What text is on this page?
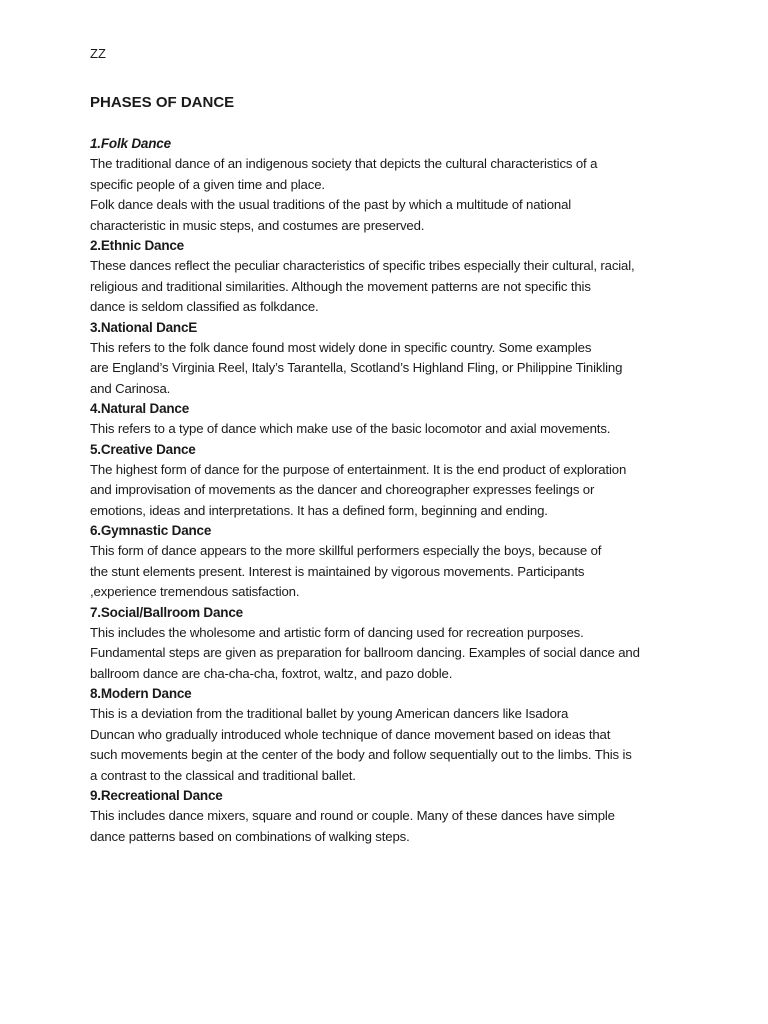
ZZ

PHASES OF DANCE
1.Folk Dance

The traditional dance of an indigenous society that depicts the cultural characteristics of a

specific people of a given time and place.

Folk dance deals with the usual traditions of the past by which a multitude of national

characteristic in music steps, and costumes are preserved.

2.Ethnic Dance

These dances reflect the peculiar characteristics of specific tribes especially their cultural, racial,

religious and traditional similarities. Although the movement patterns are not specific this

dance is seldom classified as folkdance.

3.National DancE

This refers to the folk dance found most widely done in specific country. Some examples

are England’s Virginia Reel, Italy’s Tarantella, Scotland’s Highland Fling, or Philippine Tinikling

and Carinosa.

4.Natural Dance

This refers to a type of dance which make use of the basic locomotor and axial movements.

5.Creative Dance

The highest form of dance for the purpose of entertainment. It is the end product of exploration

and improvisation of movements as the dancer and choreographer expresses feelings or

emotions, ideas and interpretations. It has a defined form, beginning and ending.

6.Gymnastic Dance

This form of dance appears to the more skillful performers especially the boys, because of

the stunt elements present. Interest is maintained by vigorous movements. Participants

,experience tremendous satisfaction.

7.Social/Ballroom Dance

This includes the wholesome and artistic form of dancing used for recreation purposes.

Fundamental steps are given as preparation for ballroom dancing. Examples of social dance and

ballroom dance are cha-cha-cha, foxtrot, waltz, and pazo doble.

8.Modern Dance

This is a deviation from the traditional ballet by young American dancers like Isadora

Duncan who gradually introduced whole technique of dance movement based on ideas that

such movements begin at the center of the body and follow sequentially out to the limbs. This is

a contrast to the classical and traditional ballet.

9.Recreational Dance

This includes dance mixers, square and round or couple. Many of these dances have simple

dance patterns based on combinations of walking steps.
